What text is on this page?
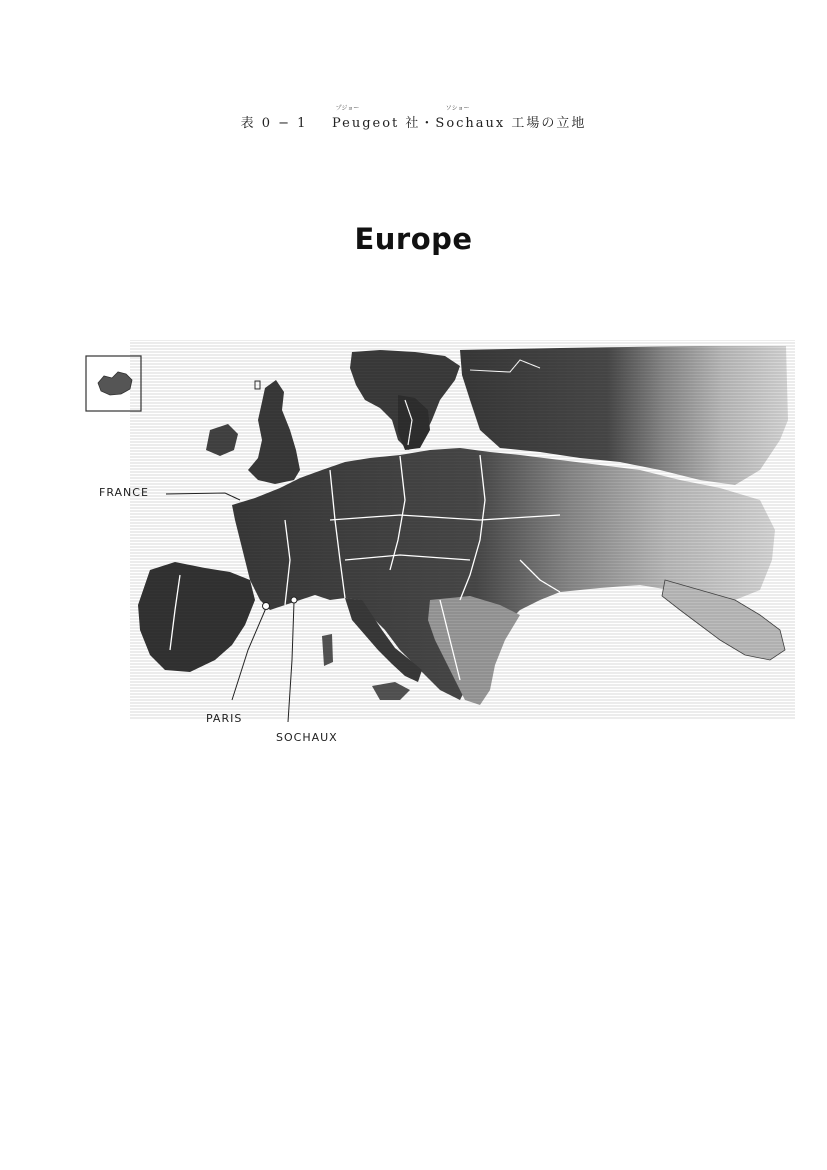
プジョー	ソショー
表 0 − 1 Peugeot 社・Sochaux 工場の立地
Europe
FRANCE
PARIS
SOCHAUX
